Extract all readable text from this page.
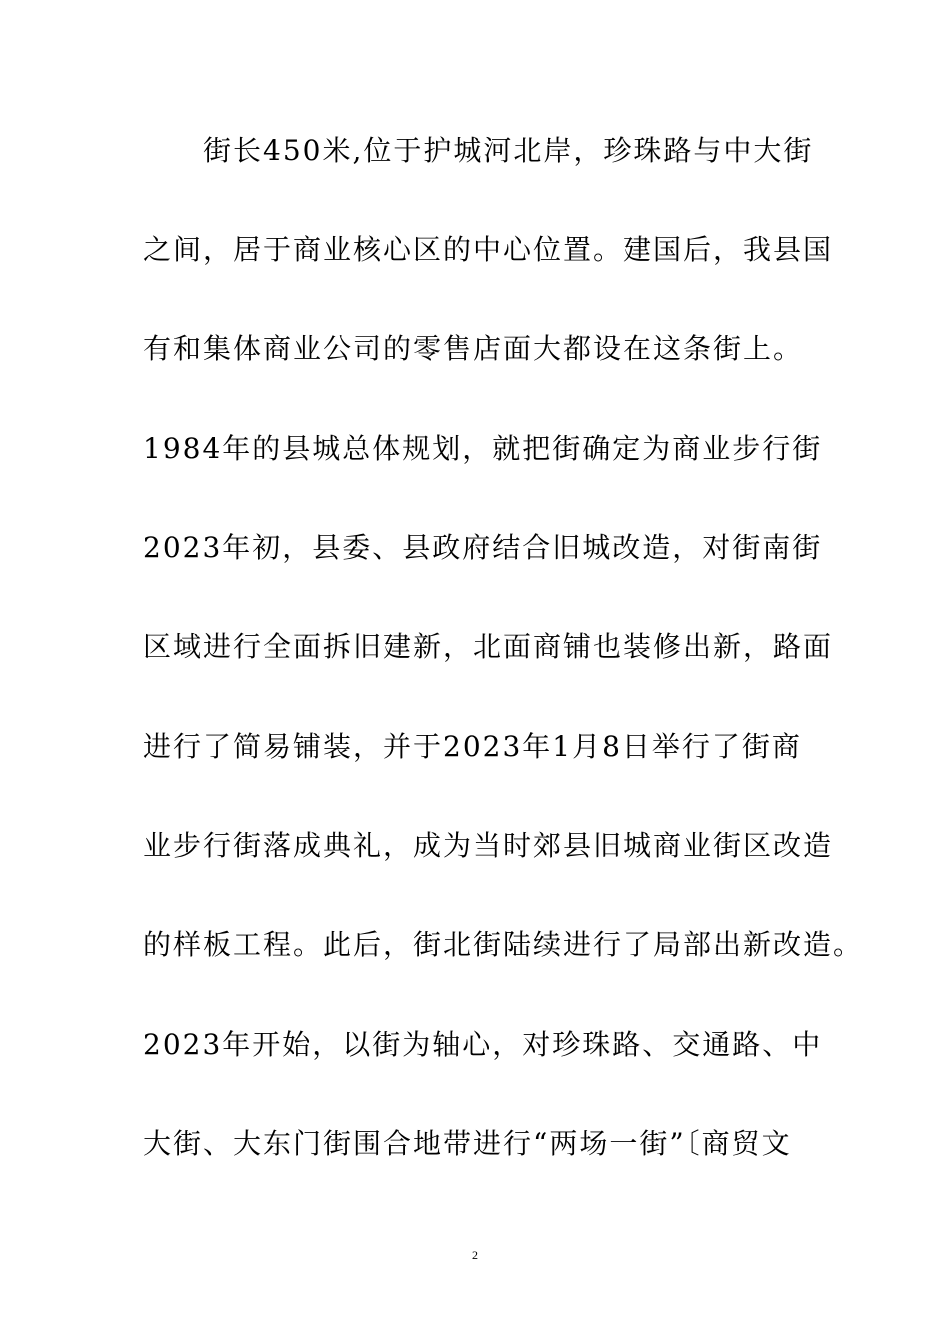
街长450米,位于护城河北岸，珍珠路与中大街
之间，居于商业核心区的中心位置。建国后，我县国
有和集体商业公司的零售店面大都设在这条街上。
1984年的县城总体规划，就把街确定为商业步行街
2023年初，县委、县政府结合旧城改造，对街南街
区域进行全面拆旧建新，北面商铺也装修出新，路面
进行了简易铺装，并于2023年1月8日举行了街商
业步行街落成典礼，成为当时郊县旧城商业街区改造
的样板工程。此后，街北街陆续进行了局部出新改造。
2023年开始，以街为轴心，对珍珠路、交通路、中
大街、大东门街围合地带进行“两场一街”〔商贸文
2
